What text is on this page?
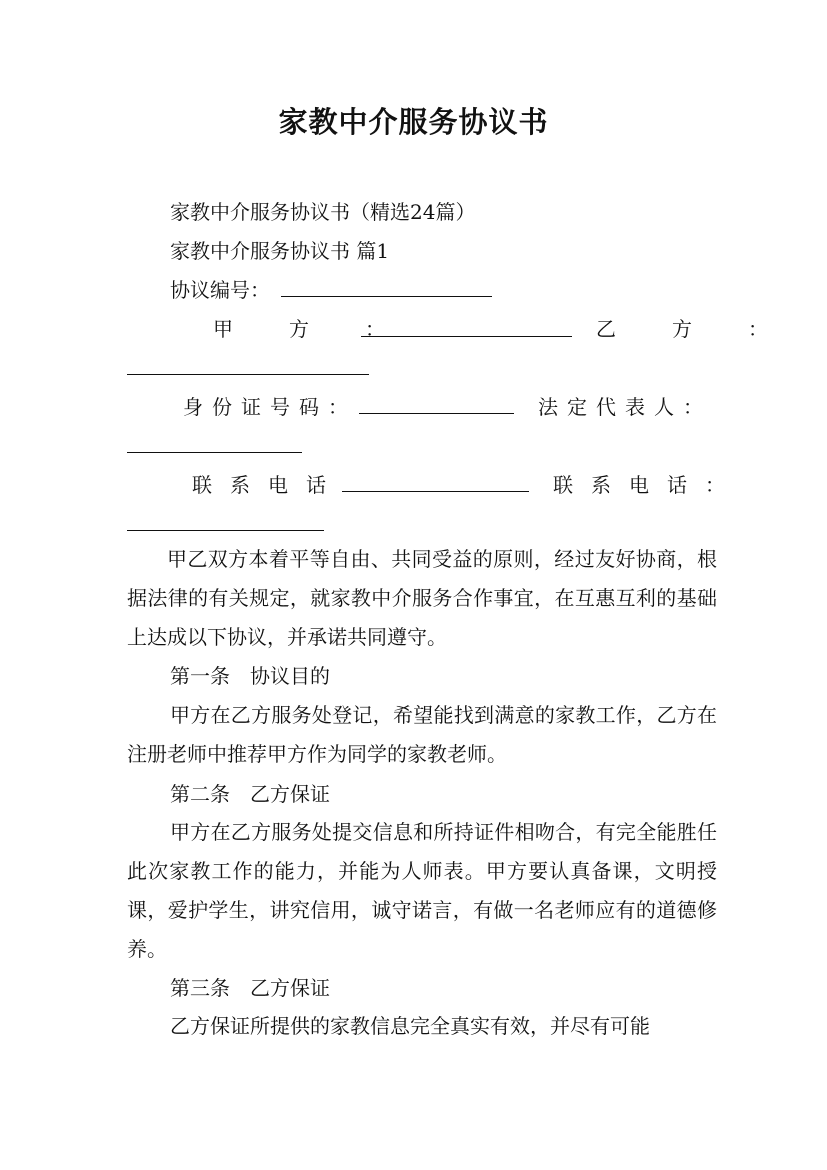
家教中介服务协议书
家教中介服务协议书（精选24篇）
家教中介服务协议书 篇1
协议编号：
甲　方　：	乙　方　：
身份证号码：	法定代表人：
联系电话	联系电话：
甲乙双方本着平等自由、共同受益的原则，经过友好协商，根据法律的有关规定，就家教中介服务合作事宜，在互惠互利的基础上达成以下协议，并承诺共同遵守。
第一条　协议目的
甲方在乙方服务处登记，希望能找到满意的家教工作，乙方在注册老师中推荐甲方作为同学的家教老师。
第二条　乙方保证
甲方在乙方服务处提交信息和所持证件相吻合，有完全能胜任此次家教工作的能力，并能为人师表。甲方要认真备课，文明授课，爱护学生，讲究信用，诚守诺言，有做一名老师应有的道德修养。
第三条　乙方保证
乙方保证所提供的家教信息完全真实有效，并尽有可能
